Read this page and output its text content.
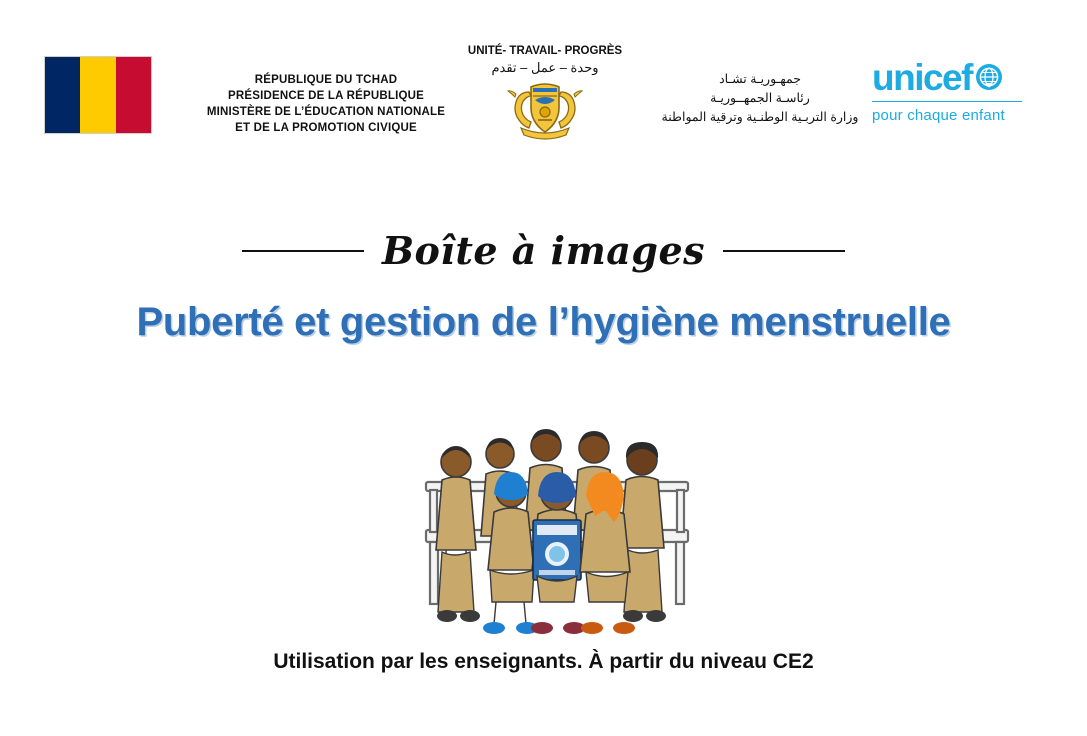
RÉPUBLIQUE DU TCHAD
PRÉSIDENCE DE LA RÉPUBLIQUE
MINISTÈRE DE L’ÉDUCATION NATIONALE
ET DE LA PROMOTION CIVIQUE
UNITÉ- TRAVAIL- PROGRÈS
وحدة – عمل – تقدم
جمهـوريـة تشـاد
رئاسـة الجمهــوريـة
وزارة التربـية الوطنـية وترقية المواطنة
unicef
pour chaque enfant
Boîte à images
Puberté et gestion de l’hygiène menstruelle
Utilisation par les enseignants. À partir du niveau CE2
